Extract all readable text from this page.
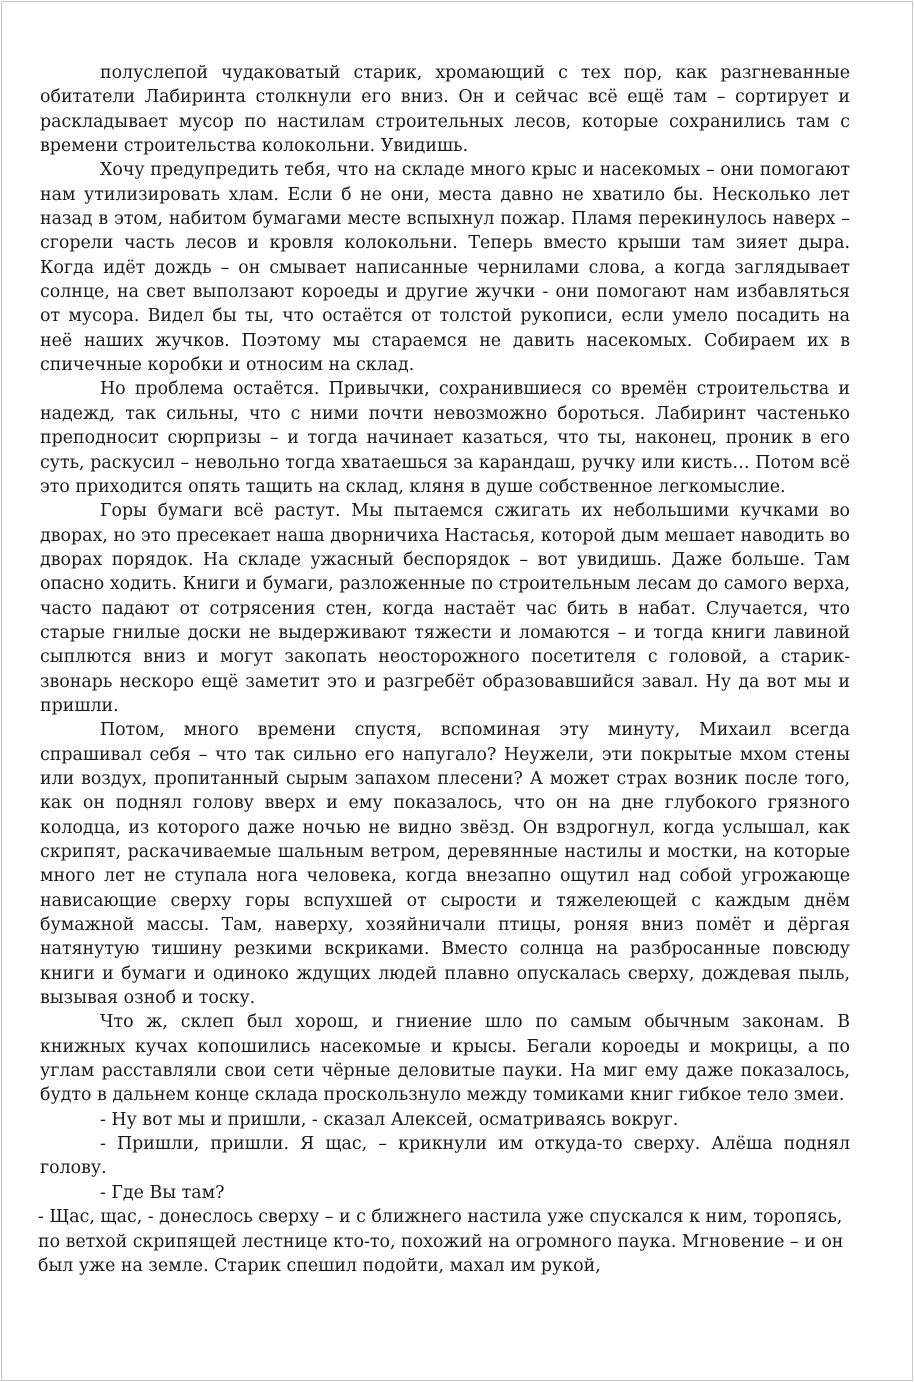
полуслепой чудаковатый старик, хромающий с тех пор, как разгневанные обитатели Лабиринта столкнули его вниз. Он и сейчас всё ещё там – сортирует и раскладывает мусор по настилам строительных лесов, которые сохранились там с времени строительства колокольни. Увидишь.

Хочу предупредить тебя, что на складе много крыс и насекомых – они помогают нам утилизировать хлам. Если б не они, места давно не хватило бы. Несколько лет назад в этом, набитом бумагами месте вспыхнул пожар. Пламя перекинулось наверх – сгорели часть лесов и кровля колокольни. Теперь вместо крыши там зияет дыра. Когда идёт дождь – он смывает написанные чернилами слова, а когда заглядывает солнце, на свет выползают короеды и другие жучки - они помогают нам избавляться от мусора. Видел бы ты, что остаётся от толстой рукописи, если умело посадить на неё наших жучков. Поэтому мы стараемся не давить насекомых. Собираем их в спичечные коробки и относим на склад.

Но проблема остаётся. Привычки, сохранившиеся со времён строительства и надежд, так сильны, что с ними почти невозможно бороться. Лабиринт частенько преподносит сюрпризы – и тогда начинает казаться, что ты, наконец, проник в его суть, раскусил – невольно тогда хватаешься за карандаш, ручку или кисть… Потом всё это приходится опять тащить на склад, кляня в душе собственное легкомыслие.

Горы бумаги всё растут. Мы пытаемся сжигать их небольшими кучками во дворах, но это пресекает наша дворничиха Настасья, которой дым мешает наводить во дворах порядок. На складе ужасный беспорядок – вот увидишь. Даже больше. Там опасно ходить. Книги и бумаги, разложенные по строительным лесам до самого верха, часто падают от сотрясения стен, когда настаёт час бить в набат. Случается, что старые гнилые доски не выдерживают тяжести и ломаются – и тогда книги лавиной сыплются вниз и могут закопать неосторожного посетителя с головой, а старик-звонарь нескоро ещё заметит это и разгребёт образовавшийся завал. Ну да вот мы и пришли.

Потом, много времени спустя, вспоминая эту минуту, Михаил всегда спрашивал себя – что так сильно его напугало? Неужели, эти покрытые мхом стены или воздух, пропитанный сырым запахом плесени? А может страх возник после того, как он поднял голову вверх и ему показалось, что он на дне глубокого грязного колодца, из которого даже ночью не видно звёзд. Он вздрогнул, когда услышал, как скрипят, раскачиваемые шальным ветром, деревянные настилы и мостки, на которые много лет не ступала нога человека, когда внезапно ощутил над собой угрожающе нависающие сверху горы вспухшей от сырости и тяжелеющей с каждым днём бумажной массы. Там, наверху, хозяйничали птицы, роняя вниз помёт и дёргая натянутую тишину резкими вскриками. Вместо солнца на разбросанные повсюду книги и бумаги и одиноко ждущих людей плавно опускалась сверху, дождевая пыль, вызывая озноб и тоску.

Что ж, склеп был хорош, и гниение шло по самым обычным законам. В книжных кучах копошились насекомые и крысы. Бегали короеды и мокрицы, а по углам расставляли свои сети чёрные деловитые пауки. На миг ему даже показалось, будто в дальнем конце склада проскользнуло между томиками книг гибкое тело змеи.

- Ну вот мы и пришли, - сказал Алексей, осматриваясь вокруг.

- Пришли, пришли. Я щас, – крикнули им откуда-то сверху. Алёша поднял голову.

- Где Вы там?

- Щас, щас, - донеслось сверху – и с ближнего настила уже спускался к ним, торопясь, по ветхой скрипящей лестнице кто-то, похожий на огромного паука. Мгновение – и он был уже на земле. Старик спешил подойти, махал им рукой,
